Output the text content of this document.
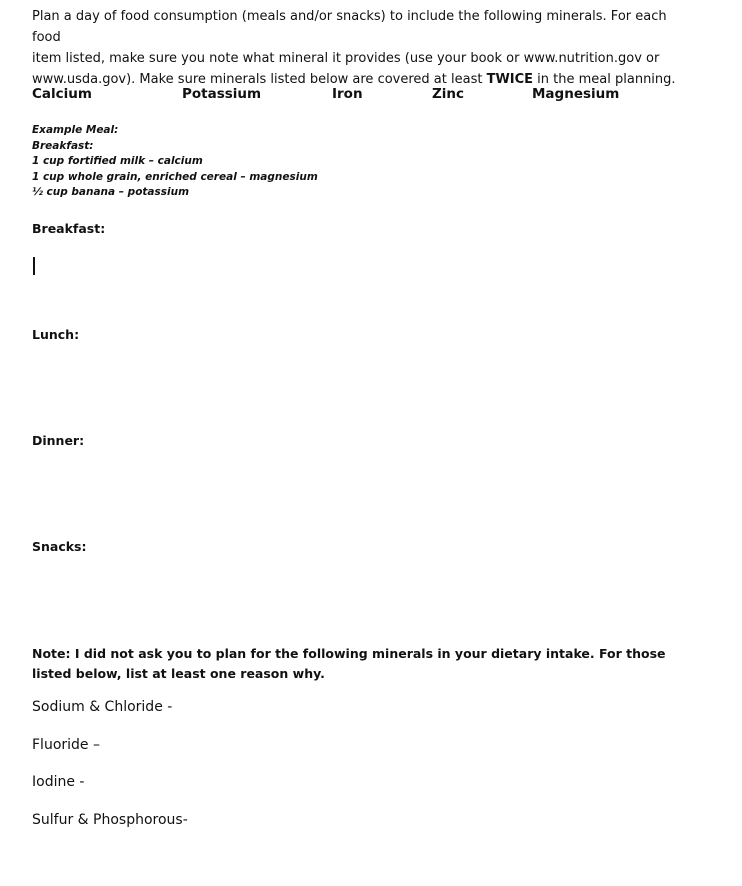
Plan a day of food consumption (meals and/or snacks) to include the following minerals. For each food

item listed, make sure you note what mineral it provides (use your book or www.nutrition.gov or

www.usda.gov). Make sure minerals listed below are covered at least TWICE in the meal planning.

Calcium	Potassium	Iron	Zinc	Magnesium
Example Meal:
Breakfast:
1 cup fortified milk – calcium
1 cup whole grain, enriched cereal – magnesium
½ cup banana – potassium
Breakfast:
Lunch:
Dinner:
Snacks:
Note: I did not ask you to plan for the following minerals in your dietary intake. For those listed below, list at least one reason why.
Sodium & Chloride -
Fluoride –
Iodine -
Sulfur & Phosphorous-
